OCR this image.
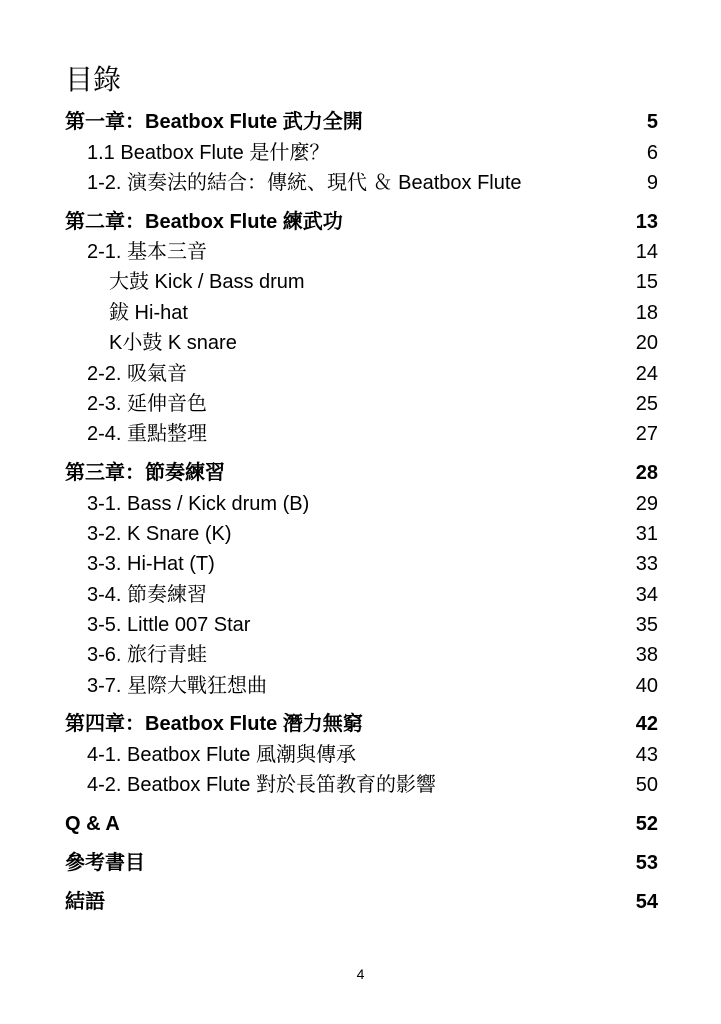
目錄
第一章：Beatbox Flute 武力全開	5
1.1 Beatbox Flute 是什麼？	6
1-2. 演奏法的結合：傳統、現代 ＆ Beatbox Flute	9
第二章：Beatbox Flute 練武功	13
2-1. 基本三音	14
大鼓 Kick / Bass drum	15
鈸 Hi-hat	18
K小鼓 K snare	20
2-2. 吸氣音	24
2-3. 延伸音色	25
2-4. 重點整理	27
第三章：節奏練習	28
3-1. Bass / Kick drum (B)	29
3-2. K Snare (K)	31
3-3. Hi-Hat (T)	33
3-4. 節奏練習	34
3-5. Little 007 Star	35
3-6. 旅行青蛙	38
3-7. 星際大戰狂想曲	40
第四章：Beatbox Flute 潛力無窮	42
4-1. Beatbox Flute 風潮與傳承	43
4-2. Beatbox Flute 對於長笛教育的影響	50
Q & A	52
參考書目	53
結語	54
4
